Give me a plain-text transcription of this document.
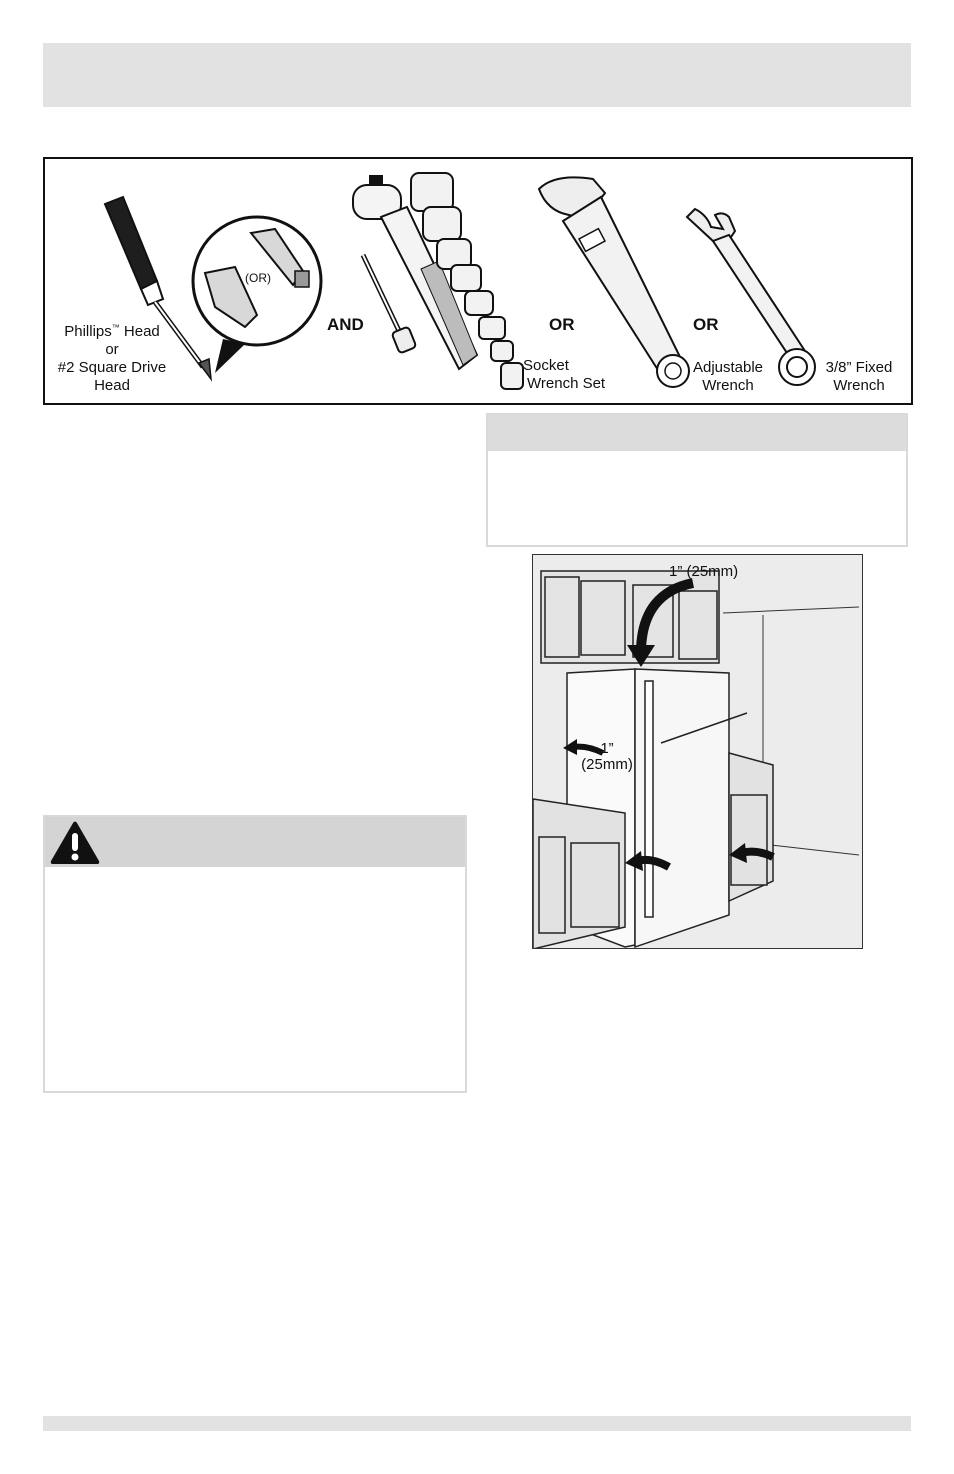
Phillips™ Head
or
#2 Square Drive
Head
(OR)
AND
Socket
Wrench Set
OR	OR
Adjustable
Wrench
3/8” Fixed
Wrench
1” (25mm)
1”
(25mm)
